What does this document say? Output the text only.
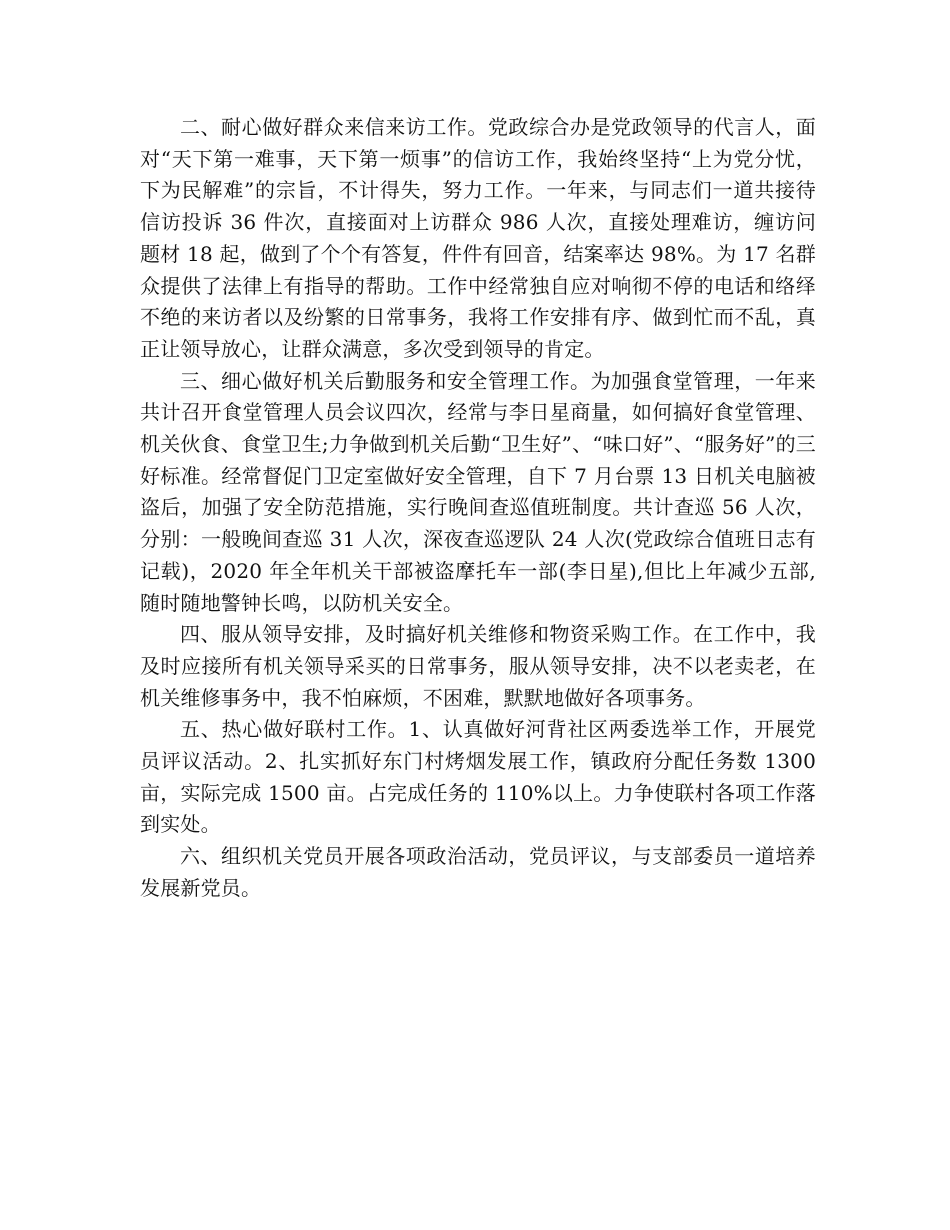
二、耐心做好群众来信来访工作。党政综合办是党政领导的代言人，面对“天下第一难事，天下第一烦事”的信访工作，我始终坚持“上为党分忧，下为民解难”的宗旨，不计得失，努力工作。一年来，与同志们一道共接待信访投诉 36 件次，直接面对上访群众 986 人次，直接处理难访，缠访问题材 18 起，做到了个个有答复，件件有回音，结案率达 98%。为 17 名群众提供了法律上有指导的帮助。工作中经常独自应对响彻不停的电话和络绎不绝的来访者以及纷繁的日常事务，我将工作安排有序、做到忙而不乱，真正让领导放心，让群众满意，多次受到领导的肯定。

三、细心做好机关后勤服务和安全管理工作。为加强食堂管理，一年来共计召开食堂管理人员会议四次，经常与李日星商量，如何搞好食堂管理、机关伙食、食堂卫生;力争做到机关后勤“卫生好”、“味口好”、“服务好”的三好标准。经常督促门卫定室做好安全管理，自下 7 月台票 13 日机关电脑被盗后，加强了安全防范措施，实行晚间查巡值班制度。共计查巡 56 人次，分别：一般晚间查巡 31 人次，深夜查巡逻队 24 人次(党政综合值班日志有记载)，2020 年全年机关干部被盗摩托车一部(李日星),但比上年减少五部,随时随地警钟长鸣，以防机关安全。

四、服从领导安排，及时搞好机关维修和物资采购工作。在工作中，我及时应接所有机关领导采买的日常事务，服从领导安排，决不以老卖老，在机关维修事务中，我不怕麻烦，不困难，默默地做好各项事务。

五、热心做好联村工作。1、认真做好河背社区两委选举工作，开展党员评议活动。2、扎实抓好东门村烤烟发展工作，镇政府分配任务数 1300 亩，实际完成 1500 亩。占完成任务的 110%以上。力争使联村各项工作落到实处。

六、组织机关党员开展各项政治活动，党员评议，与支部委员一道培养发展新党员。
